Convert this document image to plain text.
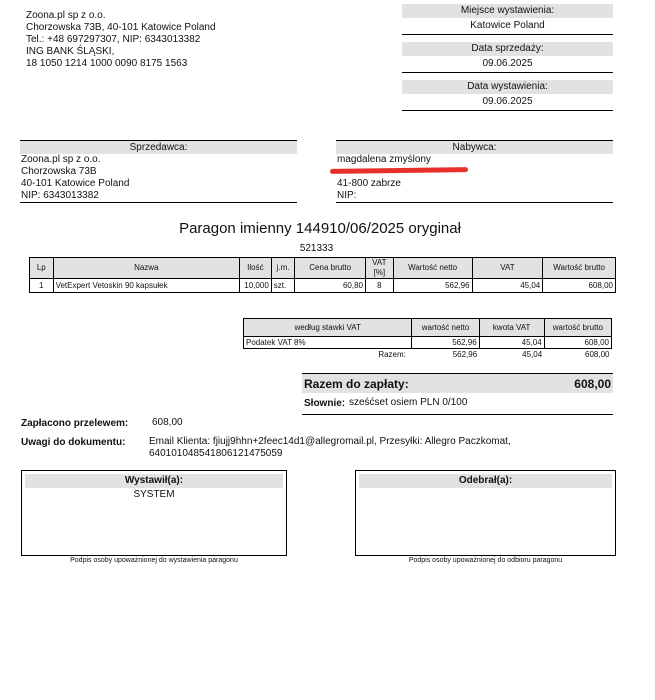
Zoona.pl sp z o.o.
Chorzowska 73B, 40-101 Katowice Poland
Tel.: +48 697297307, NIP: 6343013382
ING BANK ŚLĄSKI,
18 1050 1214 1000 0090 8175 1563
Miejsce wystawienia:
Katowice Poland
Data sprzedaży:
09.06.2025
Data wystawienia:
09.06.2025
Sprzedawca:
Zoona.pl sp z o.o.
Chorzowska 73B
40-101 Katowice Poland
NIP: 6343013382
Nabywca:
magdalena zmyślony
41-800 zabrze
NIP:
Paragon imienny 144910/06/2025 oryginał
521333
Lp	Nazwa	Ilość	j.m.	Cena brutto	VAT [%]	Wartość netto	VAT	Wartość brutto
1	VetExpert Vetoskin 90 kapsułek	10,000	szt.	60,80	8	562,96	45,04	608,00
według stawki VAT	wartość netto	kwota VAT	wartość brutto
Podatek VAT 8%	562,96	45,04	608,00
Razem:	562,96	45,04	608,00
Razem do zapłaty:	608,00
Słownie: sześćset osiem PLN 0/100
Zapłacono przelewem: 608,00
Uwagi do dokumentu: Email Klienta: fjiujj9hhn+2feec14d1@allegromail.pl, Przesyłki: Allegro Paczkomat,
640101048541806121475059
Wystawił(a):
SYSTEM
Podpis osoby upoważnionej do wystawienia paragonu
Odebrał(a):
Podpis osoby upoważnionej do odbioru paragonu
